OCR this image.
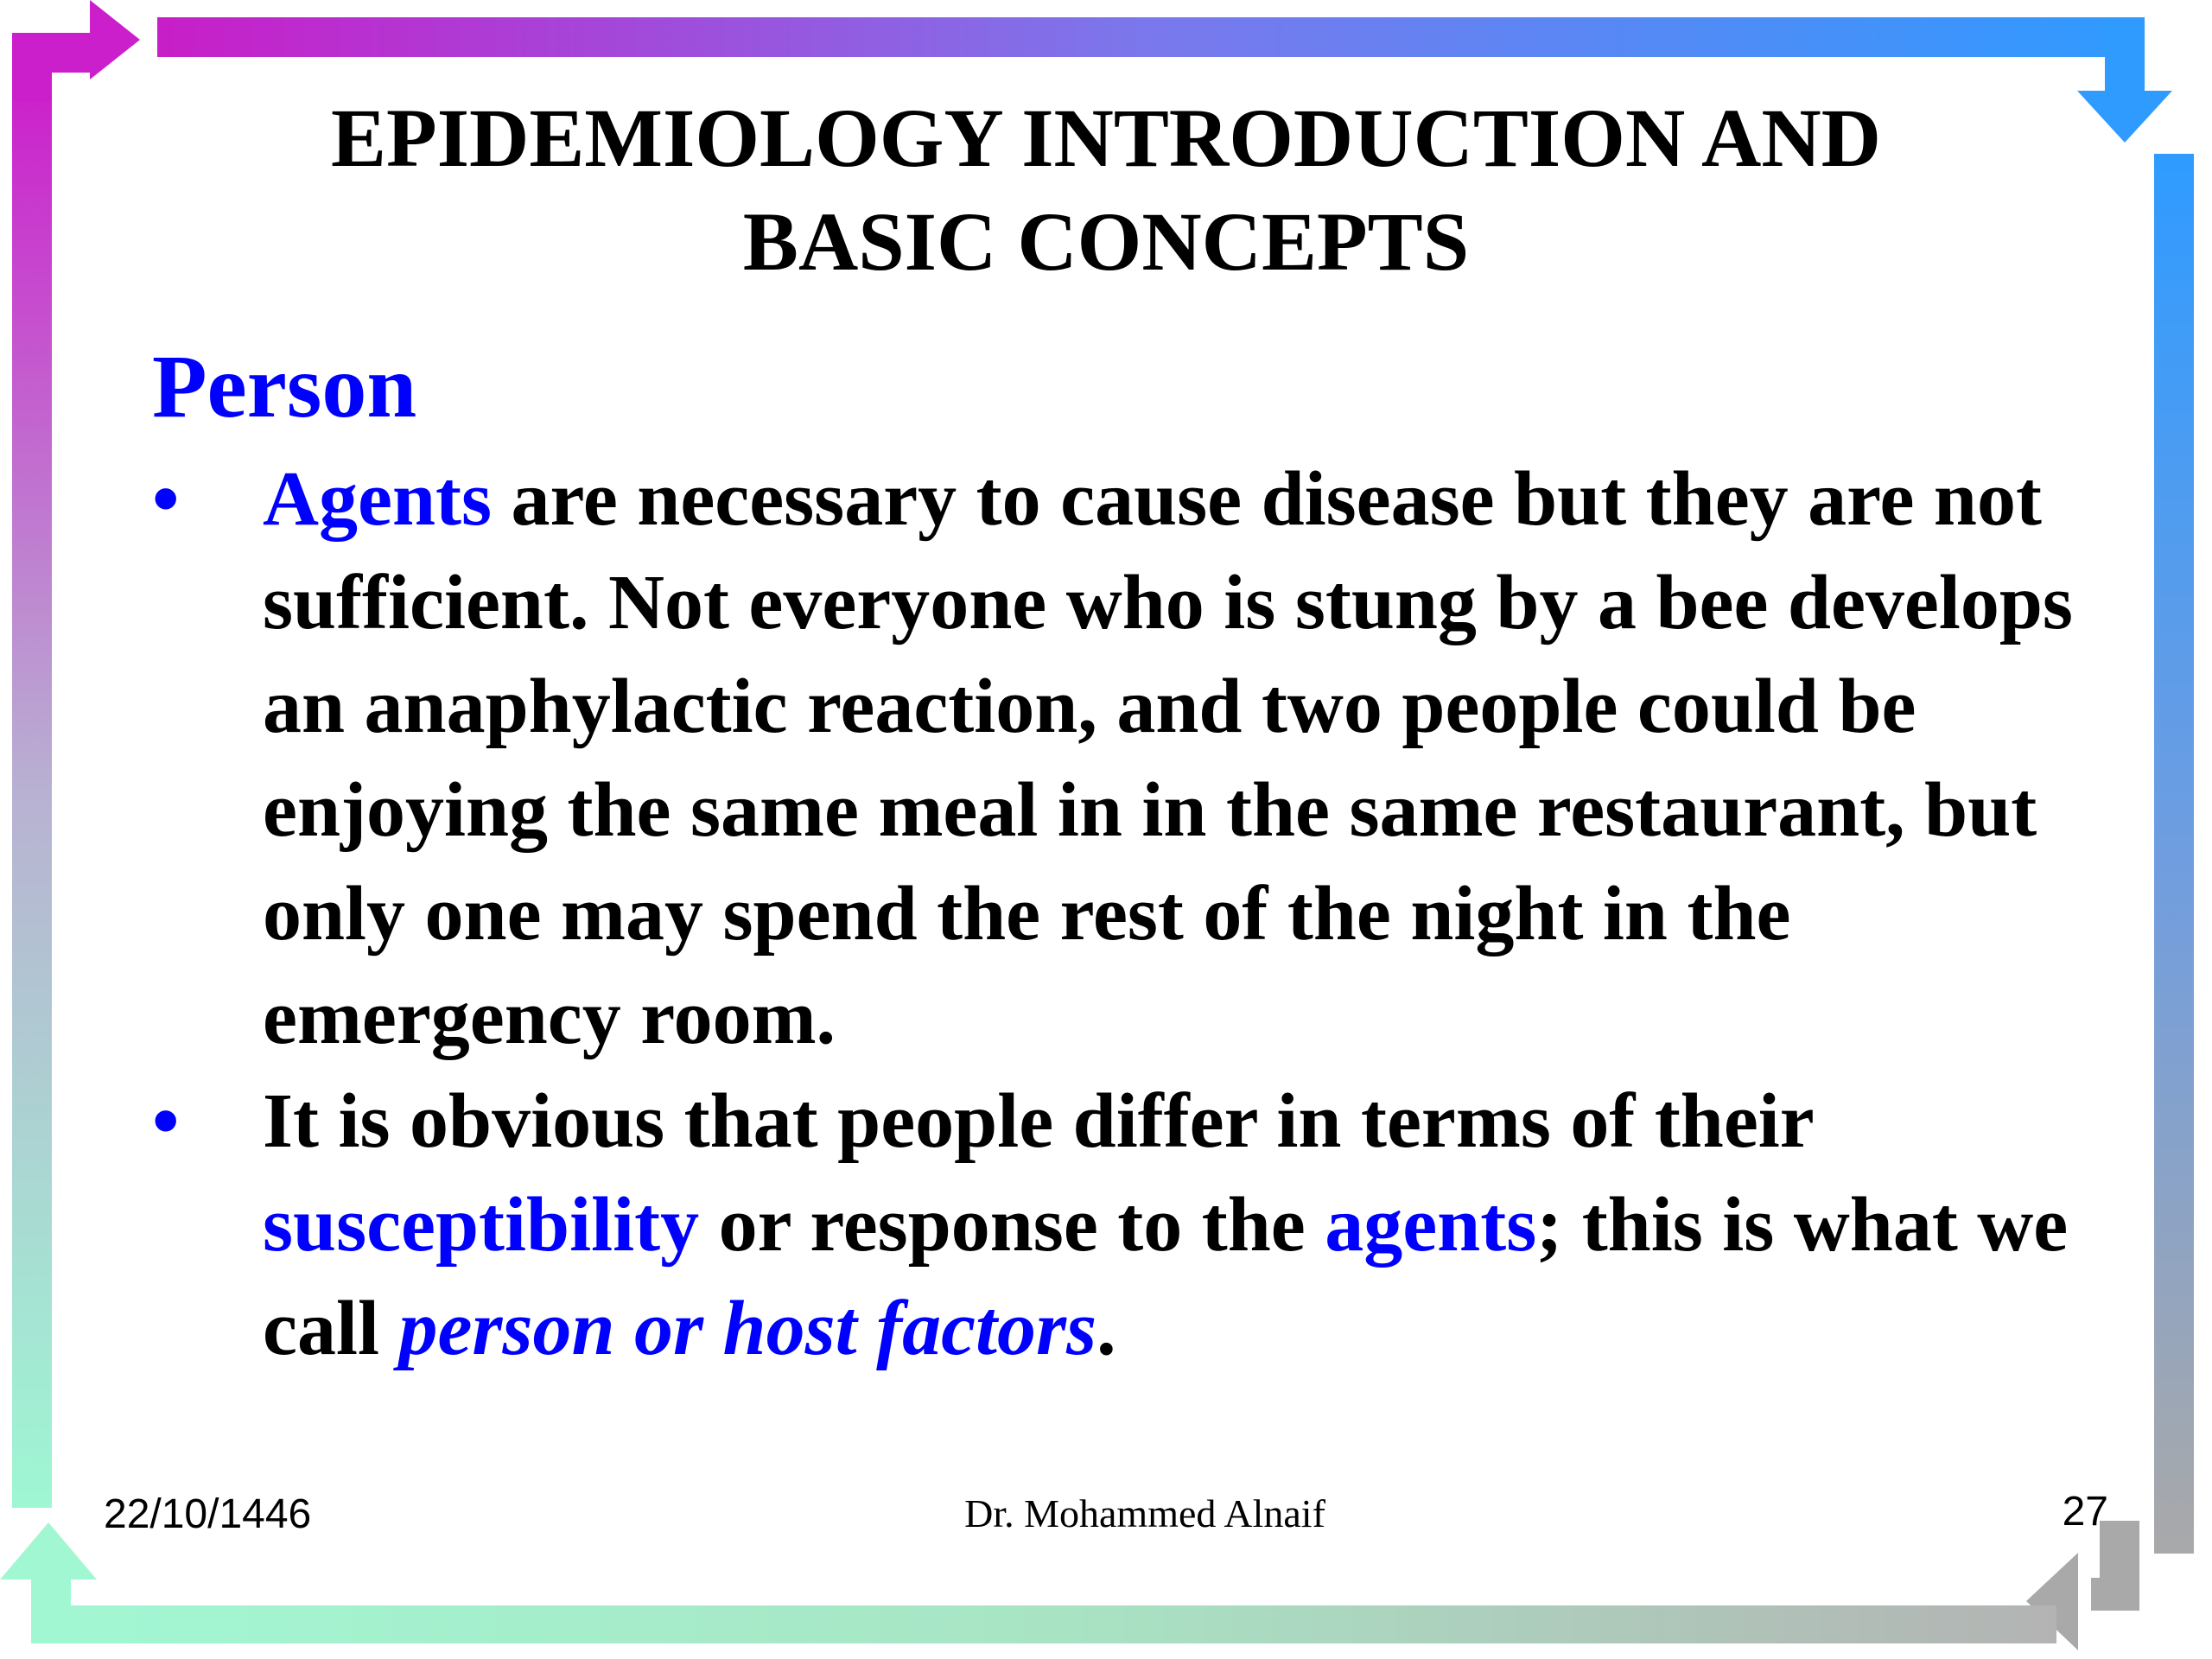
EPIDEMIOLOGY INTRODUCTION AND
BASIC CONCEPTS
Person
•	Agents are necessary to cause disease but they are not sufficient. Not everyone who is stung by a bee develops an anaphylactic reaction, and two people could be enjoying the same meal in in the same restaurant, but only one may spend the rest of the night in the emergency room.
•	It is obvious that people differ in terms of their susceptibility or response to the agents; this is what we call person or host factors.
22/10/1446	Dr. Mohammed Alnaif	27
